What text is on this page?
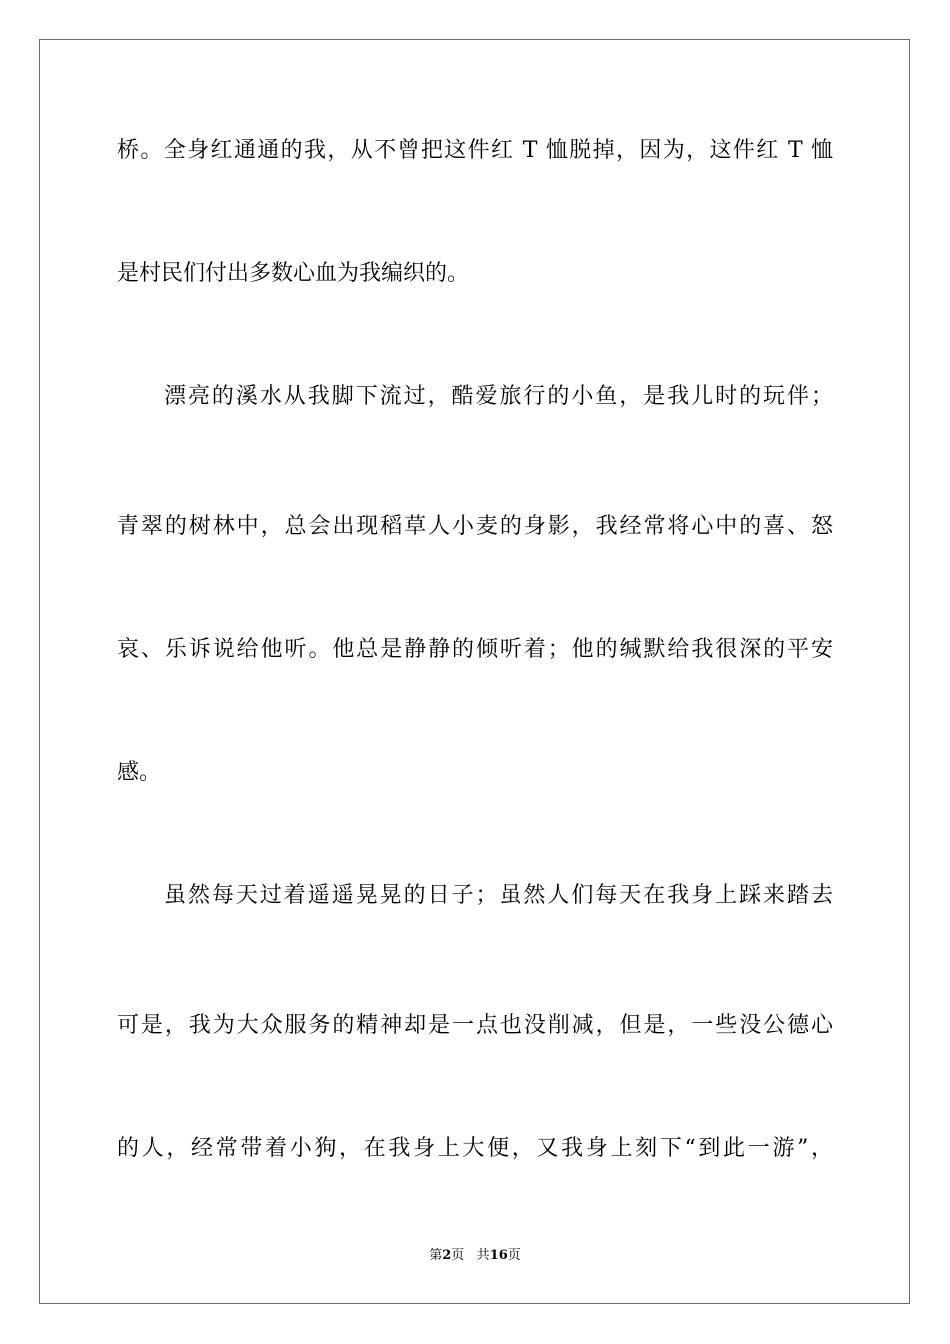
桥。全身红通通的我，从不曾把这件红 T 恤脱掉，因为，这件红 T 恤
是村民们付出多数心血为我编织的。
漂亮的溪水从我脚下流过，酷爱旅行的小鱼，是我儿时的玩伴；
青翠的树林中，总会出现稻草人小麦的身影，我经常将心中的喜、怒
哀、乐诉说给他听。他总是静静的倾听着；他的缄默给我很深的平安
感。
虽然每天过着遥遥晃晃的日子；虽然人们每天在我身上踩来踏去
可是，我为大众服务的精神却是一点也没削减，但是，一些没公德心
的人，经常带着小狗，在我身上大便，又我身上刻下“到此一游”，
第2页 共16页
